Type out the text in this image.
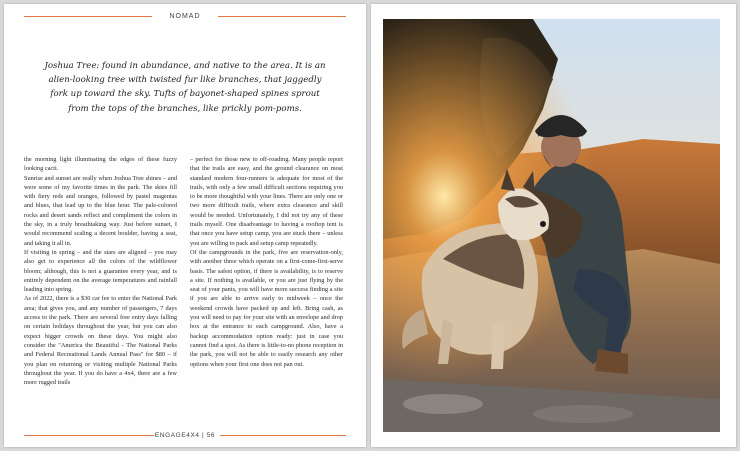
NOMAD
Joshua Tree: found in abundance, and native to the area. It is an alien-looking tree with twisted fur like branches, that jaggedly fork up toward the sky. Tufts of bayonet-shaped spines sprout from the tops of the branches, like prickly pom-poms.

the morning light illuminating the edges of these fuzzy looking cacti.

Sunrise and sunset are really when Joshua Tree shines – and were some of my favorite times in the park. The skies fill with fiery reds and oranges, followed by pastel magentas and blues, that lead up to the blue hour. The pale-colored rocks and desert sands reflect and compliment the colors in the sky, in a truly breathtaking way. Just before sunset, I would recommend scaling a decent boulder, having a seat, and taking it all in.

If visiting in spring – and the stars are aligned – you may also get to experience all the colors of the wildflower bloom; although, this is not a guarantee every year, and is entirely dependent on the average temperatures and rainfall leading into spring.

As of 2022, there is a $30 car fee to enter the National Park area; that gives you, and any number of passengers, 7 days access to the park. There are several free entry days falling on certain holidays throughout the year, but you can also expect bigger crowds on these days. You might also consider the "America the Beautiful - The National Parks and Federal Recreational Lands Annual Pass" for $80 – if you plan on returning or visiting multiple National Parks throughout the year. If you do have a 4x4, there are a few more rugged trails

– perfect for those new to off-roading. Many people report that the trails are easy, and the ground clearance on most standard modern four-runners is adequate for most of the trails, with only a few small difficult sections requiring you to be more thoughtful with your lines. There are only one or two more difficult trails, where extra clearance and skill would be needed. Unfortunately, I did not try any of these trails myself. One disadvantage to having a rooftop tent is that once you have setup camp, you are stuck there – unless you are willing to pack and setup camp repeatedly.

Of the campgrounds in the park, five are reservation-only, with another three which operate on a first-come-first-serve basis. The safest option, if there is availability, is to reserve a site. If nothing is available, or you are just flying by the seat of your pants, you will have more success finding a site if you are able to arrive early to midweek – once the weekend crowds have packed up and left. Bring cash, as you will need to pay for your site with an envelope and drop box at the entrance to each campground. Also, have a backup accommodation option ready: just in case you cannot find a spot. As there is little-to-no phone reception in the park, you will not be able to easily research any other options when your first one does not pan out.

ENGAGE4X4 | 56
